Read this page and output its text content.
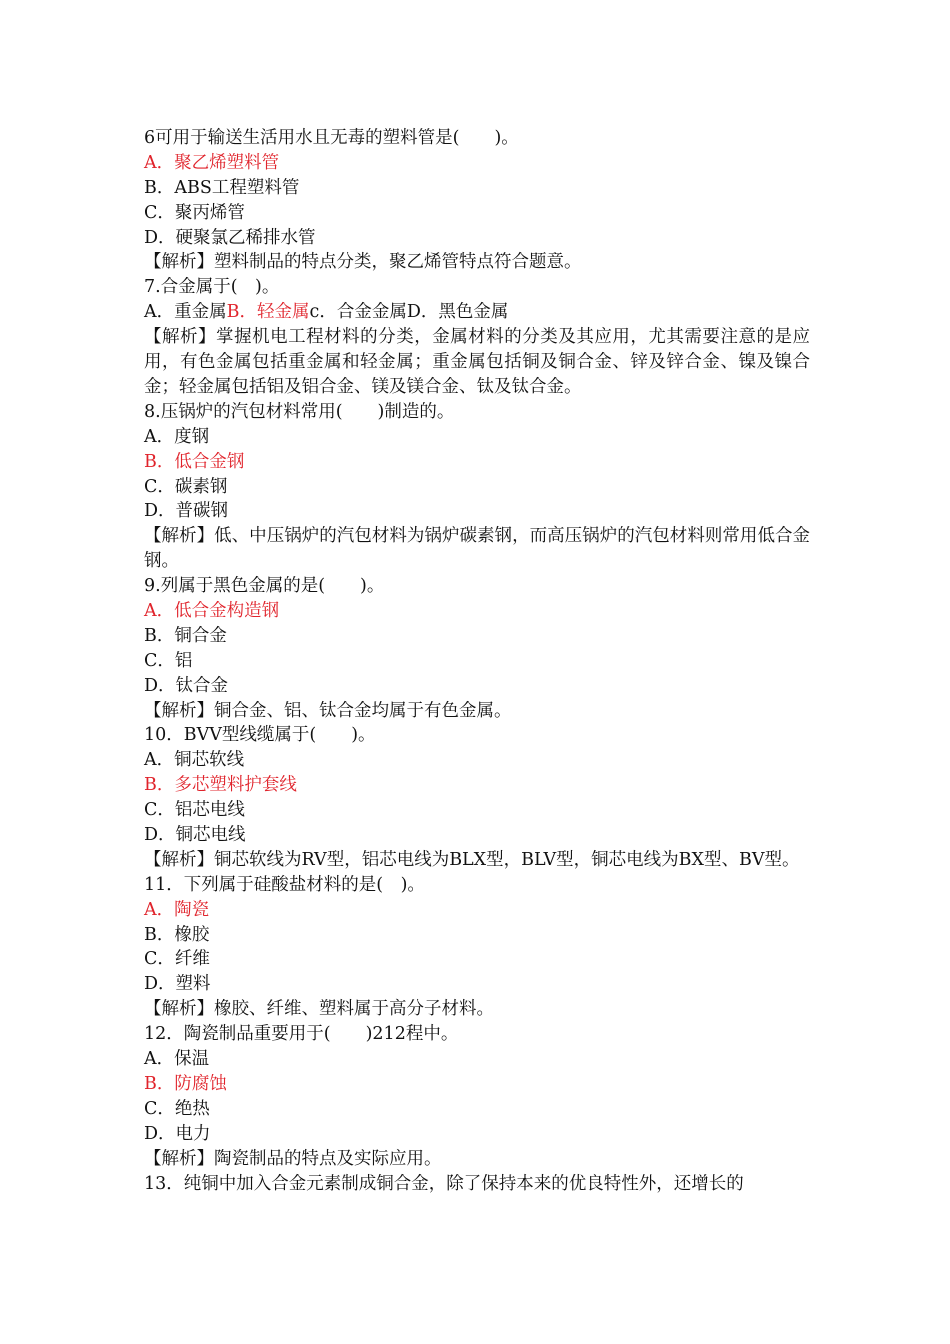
6可用于输送生活用水且无毒的塑料管是(　　)。
A．聚乙烯塑料管
B．ABS工程塑料管
C．聚丙烯管
D．硬聚氯乙稀排水管
【解析】塑料制品的特点分类，聚乙烯管特点符合题意。
7.合金属于(　)。
A．重金属B．轻金属c．合金金属D．黑色金属
【解析】掌握机电工程材料的分类，金属材料的分类及其应用，尤其需要注意的是应用，有色金属包括重金属和轻金属；重金属包括铜及铜合金、锌及锌合金、镍及镍合金；轻金属包括铝及铝合金、镁及镁合金、钛及钛合金。
8.压锅炉的汽包材料常用(　　)制造的。
A．度钢
B．低合金钢
C．碳素钢
D．普碳钢
【解析】低、中压锅炉的汽包材料为锅炉碳素钢，而高压锅炉的汽包材料则常用低合金钢。
9.列属于黑色金属的是(　　)。
A．低合金构造钢
B．铜合金
C．铝
D．钛合金
【解析】铜合金、铝、钛合金均属于有色金属。
10．BVV型线缆属于(　　)。
A．铜芯软线
B．多芯塑料护套线
C．铝芯电线
D．铜芯电线
【解析】铜芯软线为RV型，铝芯电线为BLX型，BLV型，铜芯电线为BX型、BV型。
11．下列属于硅酸盐材料的是(　)。
A．陶瓷
B．橡胶
C．纤维
D．塑料
【解析】橡胶、纤维、塑料属于高分子材料。
12．陶瓷制品重要用于(　　)212程中。
A．保温
B．防腐蚀
C．绝热
D．电力
【解析】陶瓷制品的特点及实际应用。
13．纯铜中加入合金元素制成铜合金，除了保持本来的优良特性外，还增长的
